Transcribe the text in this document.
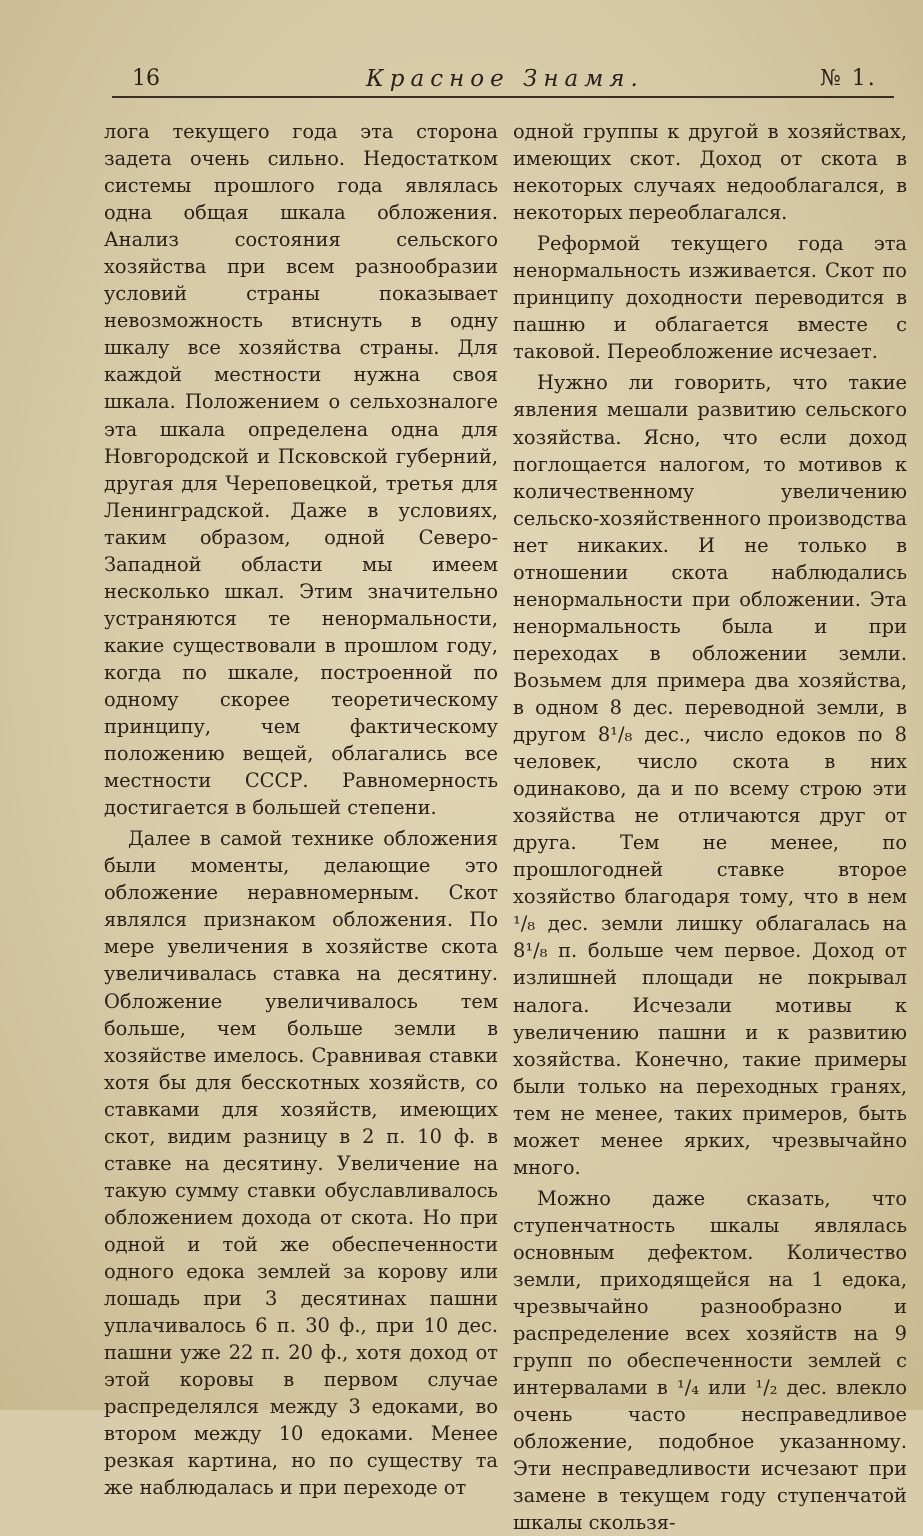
16	Красное Знамя.	№ 1.

лога текущего года эта сторона задета очень сильно. Недостатком системы прошлого года являлась одна общая шкала обложения. Анализ состояния сельского хозяйства при всем разнообразии условий страны показывает невозможность втиснуть в одну шкалу все хозяйства страны. Для каждой местности нужна своя шкала. Положением о сельхозналоге эта шкала определена одна для Новгородской и Псковской губерний, другая для Череповецкой, третья для Ленинградской. Даже в условиях, таким образом, одной Северо-Западной области мы имеем несколько шкал. Этим значительно устраняются те ненормальности, какие существовали в прошлом году, когда по шкале, построенной по одному скорее теоретическому принципу, чем фактическому положению вещей, облагались все местности СССР. Равномерность достигается в большей степени.

Далее в самой технике обложения были моменты, делающие это обложение неравномерным. Скот являлся признаком обложения. По мере увеличения в хозяйстве скота увеличивалась ставка на десятину. Обложение увеличивалось тем больше, чем больше земли в хозяйстве имелось. Сравнивая ставки хотя бы для бесскотных хозяйств, со ставками для хозяйств, имеющих скот, видим разницу в 2 п. 10 ф. в ставке на десятину. Увеличение на такую сумму ставки обуславливалось обложением дохода от скота. Но при одной и той же обеспеченности одного едока землей за корову или лошадь при 3 десятинах пашни уплачивалось 6 п. 30 ф., при 10 дес. пашни уже 22 п. 20 ф., хотя доход от этой коровы в первом случае распределялся между 3 едоками, во втором между 10 едоками. Менее резкая картина, но по существу та же наблюдалась и при переходе от

одной группы к другой в хозяйствах, имеющих скот. Доход от скота в некоторых случаях недооблагался, в некоторых переоблагался.

Реформой текущего года эта ненормальность изживается. Скот по принципу доходности переводится в пашню и облагается вместе с таковой. Переобложение исчезает.

Нужно ли говорить, что такие явления мешали развитию сельского хозяйства. Ясно, что если доход поглощается налогом, то мотивов к количественному увеличению сельско-хозяйственного производства нет никаких. И не только в отношении скота наблюдались ненормальности при обложении. Эта ненормальность была и при переходах в обложении земли. Возьмем для примера два хозяйства, в одном 8 дес. переводной земли, в другом 8¹/₈ дес., число едоков по 8 человек, число скота в них одинаково, да и по всему строю эти хозяйства не отличаются друг от друга. Тем не менее, по прошлогодней ставке второе хозяйство благодаря тому, что в нем ¹/₈ дес. земли лишку облагалась на 8¹/₈ п. больше чем первое. Доход от излишней площади не покрывал налога. Исчезали мотивы к увеличению пашни и к развитию хозяйства. Конечно, такие примеры были только на переходных гранях, тем не менее, таких примеров, быть может менее ярких, чрезвычайно много.

Можно даже сказать, что ступенчатность шкалы являлась основным дефектом. Количество земли, приходящейся на 1 едока, чрезвычайно разнообразно и распределение всех хозяйств на 9 групп по обеспеченности землей с интервалами в ¹/₄ или ¹/₂ дес. влекло очень часто несправедливое обложение, подобное указанному. Эти несправедливости исчезают при замене в текущем году ступенчатой шкалы скользя-
